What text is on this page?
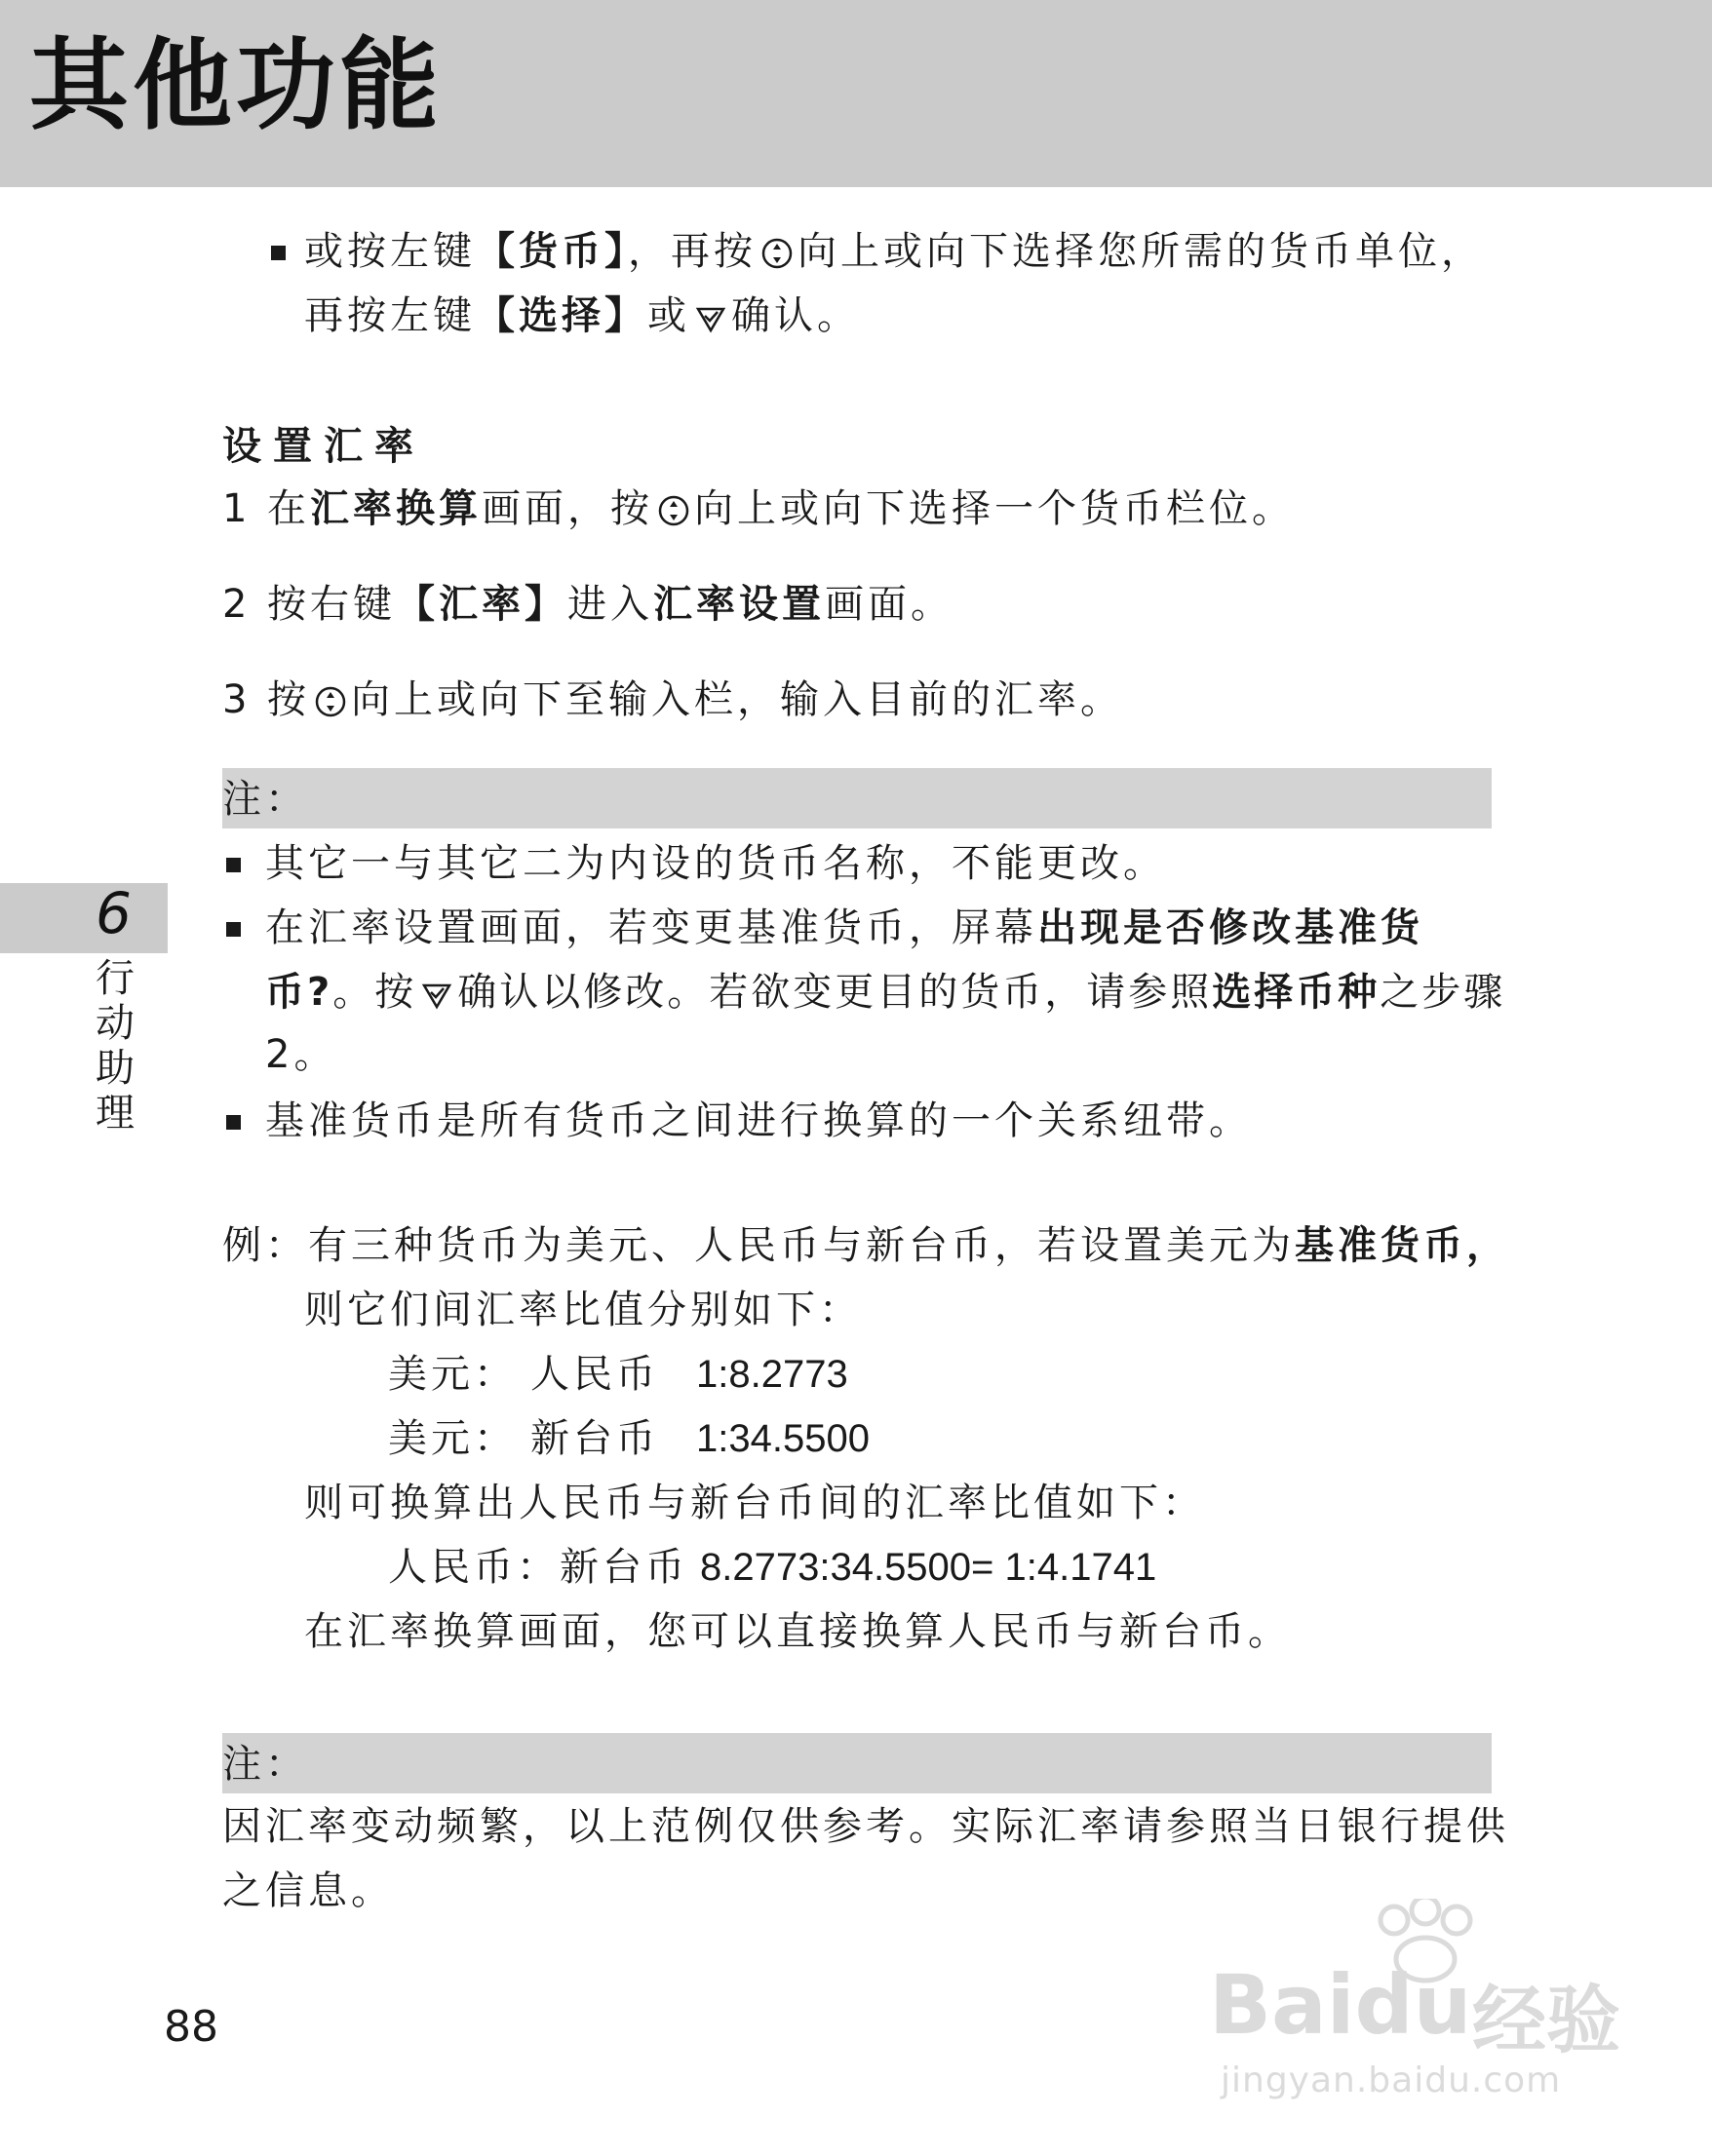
其他功能
或按左键【货币】，再按 向上或向下选择您所需的货币单位，
再按左键【选择】或 确认。
设置汇率
1 在汇率换算画面，按 向上或向下选择一个货币栏位。
2 按右键【汇率】进入汇率设置画面。
3 按 向上或向下至输入栏，输入目前的汇率。
注：
其它一与其它二为内设的货币名称，不能更改。
在汇率设置画面，若变更基准货币，屏幕出现是否修改基准货
币?。按 确认以修改。若欲变更目的货币，请参照选择币种之步骤
2。
基准货币是所有货币之间进行换算的一个关系纽带。
例：有三种货币为美元、人民币与新台币，若设置美元为基准货币，
则它们间汇率比值分别如下：
美元： 人民币 1:8.2773
美元： 新台币 1:34.5500
则可换算出人民币与新台币间的汇率比值如下：
人民币：新台币 8.2773:34.5500= 1:4.1741
在汇率换算画面，您可以直接换算人民币与新台币。
注：
因汇率变动频繁，以上范例仅供参考。实际汇率请参照当日银行提供
之信息。
6
行
动
助
理
88	Baidu 经验
jingyan.baidu.com
